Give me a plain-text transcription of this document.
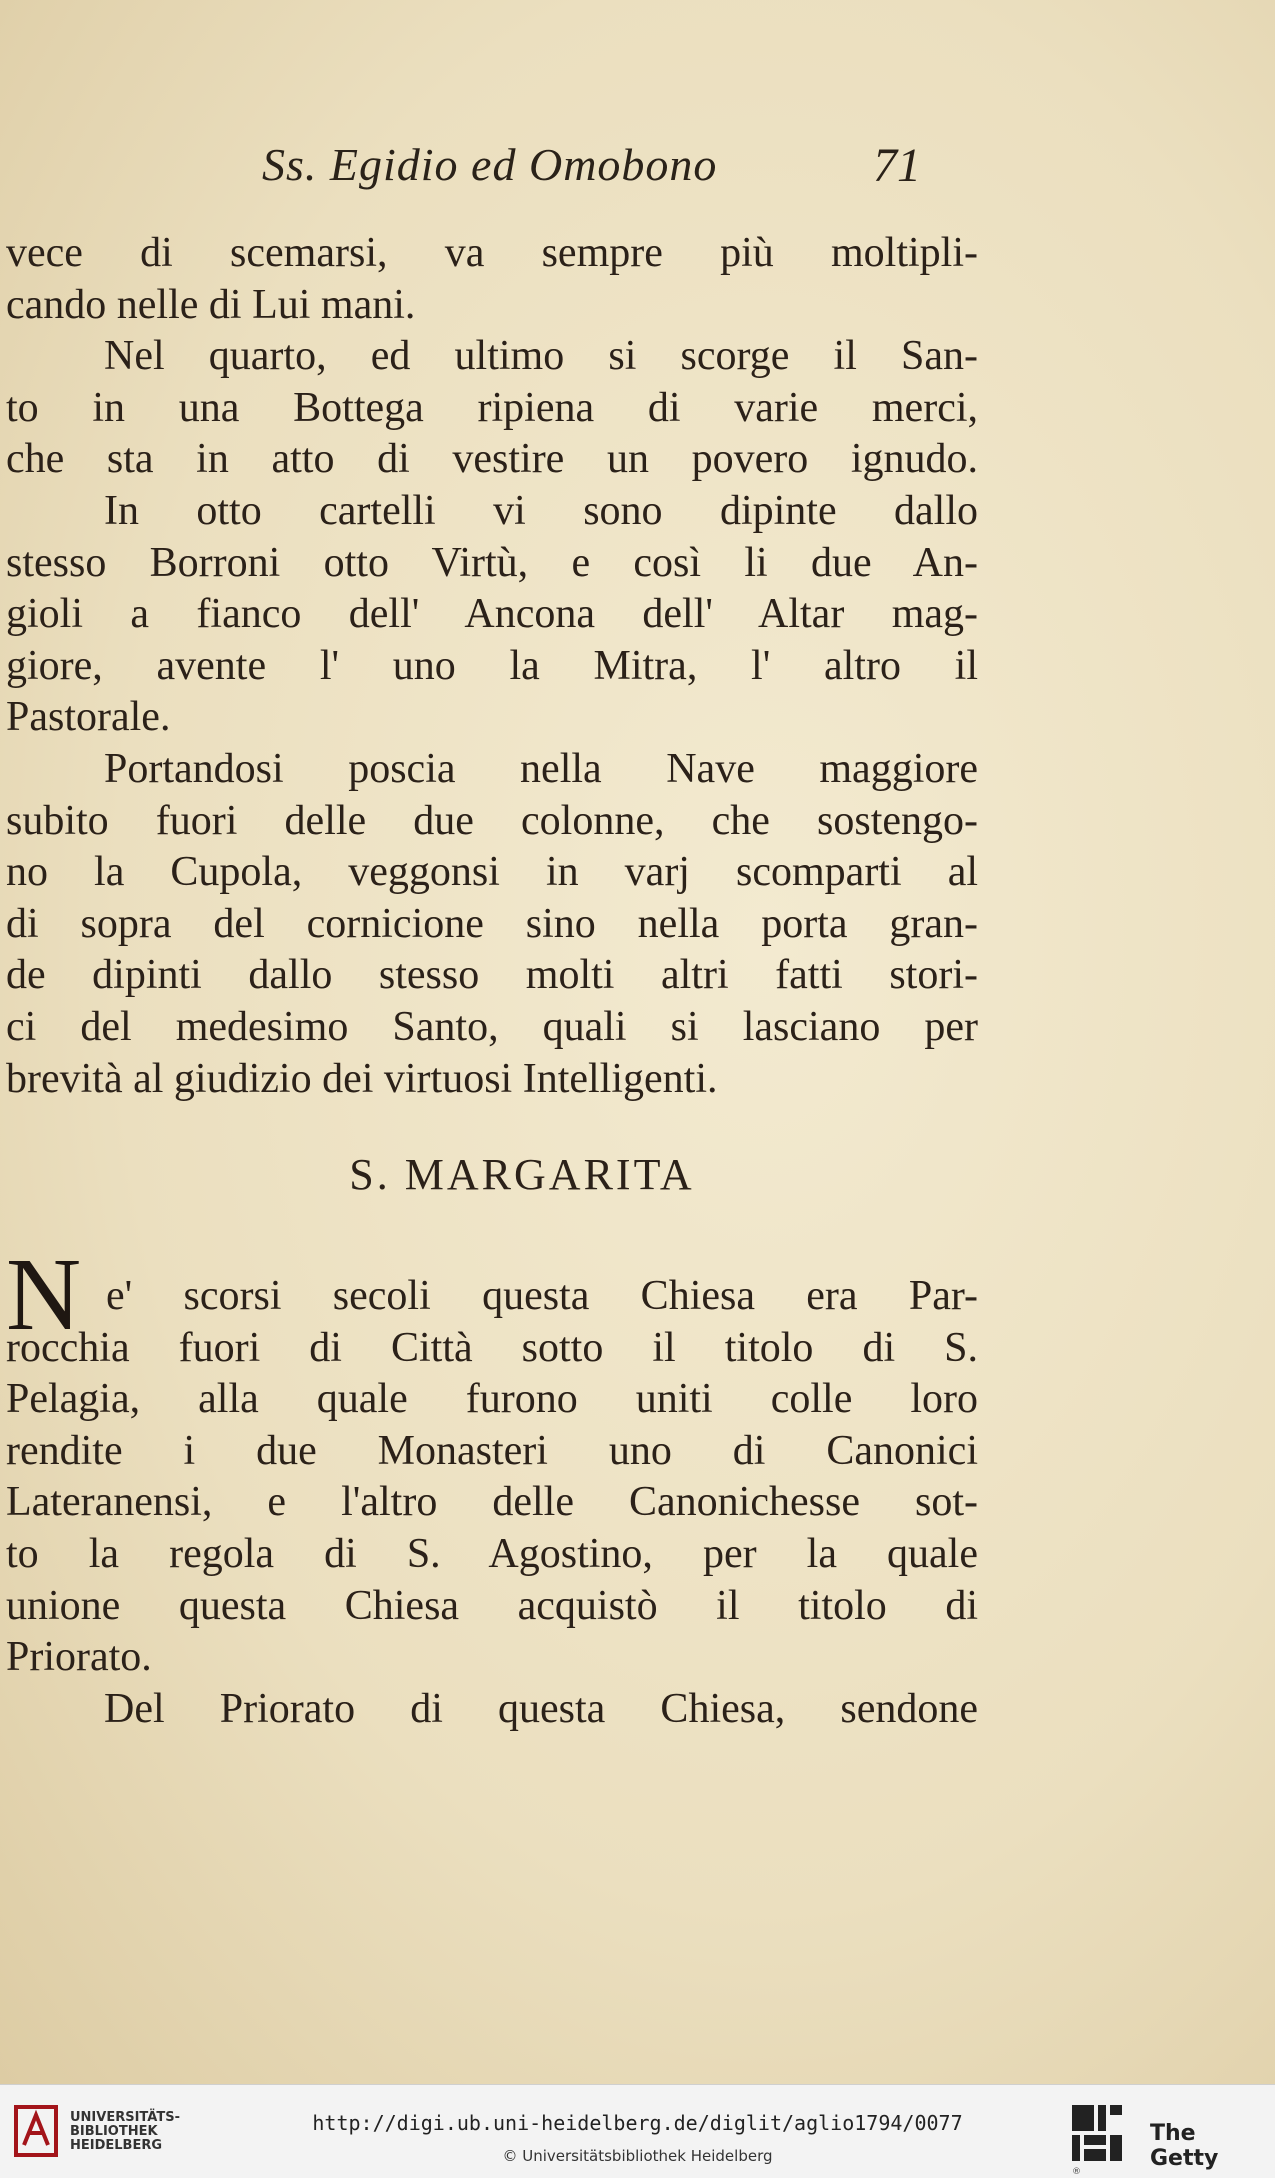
Ss. Egidio ed Omobono	71
vece di scemarsi, va sempre più moltipli-
cando nelle di Lui mani.
Nel quarto, ed ultimo si scorge il San-
to in una Bottega ripiena di varie merci,
che sta in atto di vestire un povero ignudo.
In otto cartelli vi sono dipinte dallo
stesso Borroni otto Virtù, e così li due An-
gioli a fianco dell' Ancona dell' Altar mag-
giore, avente l' uno la Mitra, l' altro il
Pastorale.
Portandosi poscia nella Nave maggiore
subito fuori delle due colonne, che sostengo-
no la Cupola, veggonsi in varj scomparti al
di sopra del cornicione sino nella porta gran-
de dipinti dallo stesso molti altri fatti stori-
ci del medesimo Santo, quali si lasciano per
brevità al giudizio dei virtuosi Intelligenti.
S. MARGARITA
N e' scorsi secoli questa Chiesa era Par-
rocchia fuori di Città sotto il titolo di S.
Pelagia, alla quale furono uniti colle loro
rendite i due Monasteri uno di Canonici
Lateranensi, e l'altro delle Canonichesse sot-
to la regola di S. Agostino, per la quale
unione questa Chiesa acquistò il titolo di
Priorato.
Del Priorato di questa Chiesa, sendone
UNIVERSITÄTS-
BIBLIOTHEK
HEIDELBERG
http://digi.ub.uni-heidelberg.de/diglit/aglio1794/0077
© Universitätsbibliothek Heidelberg
The Getty
®
